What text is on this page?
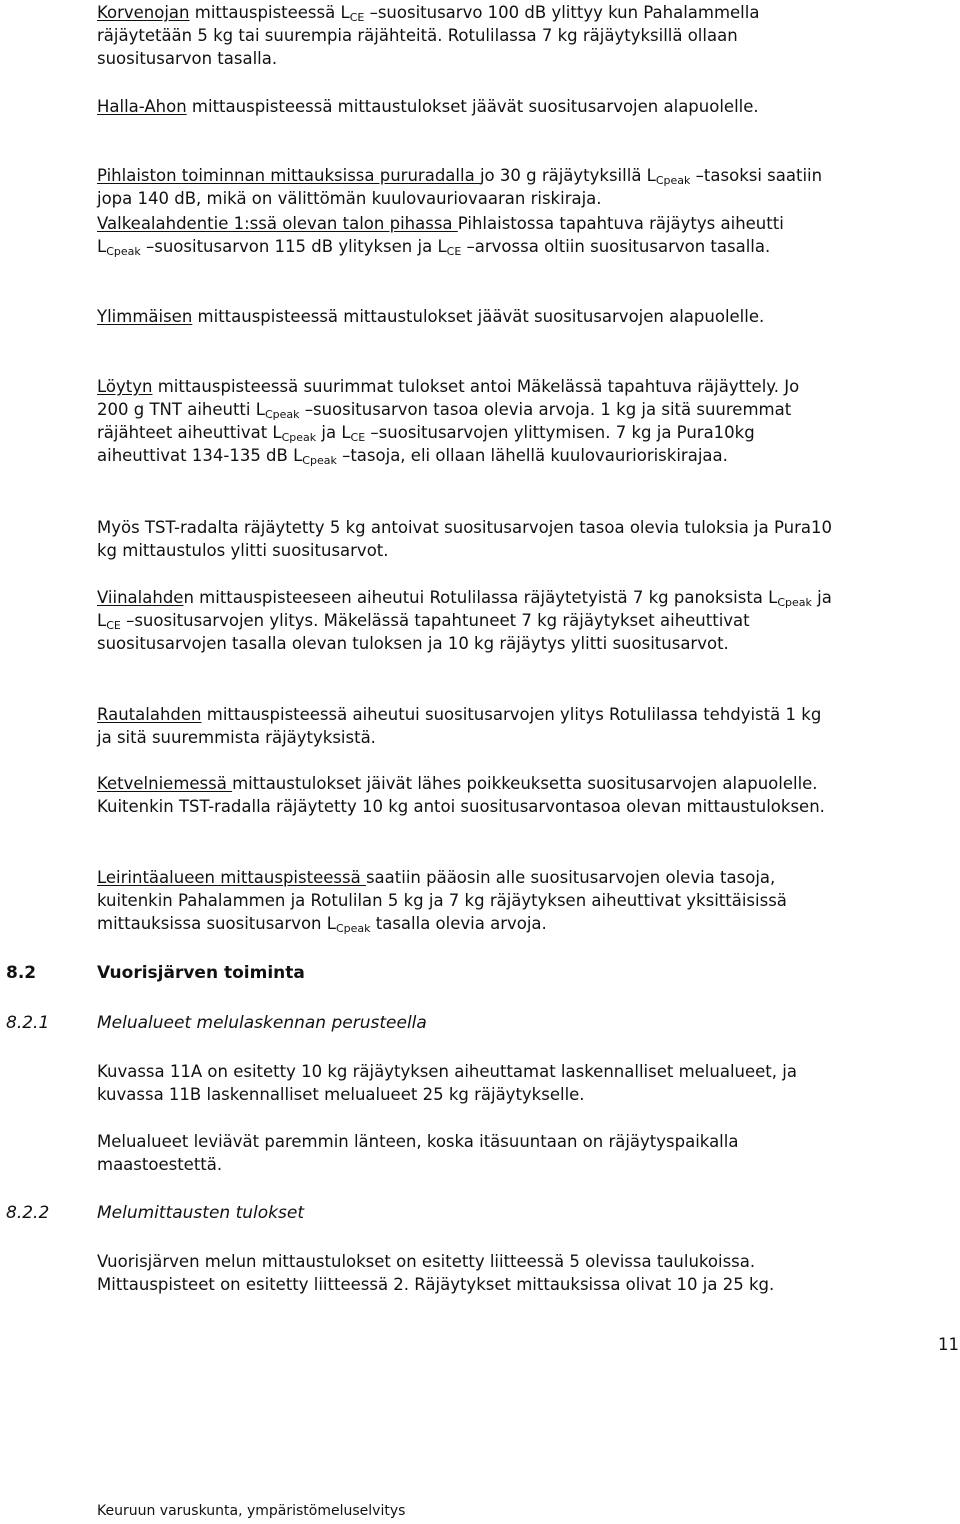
Korvenojan mittauspisteessä $L_{CE}$ –suositusarvo 100 dB ylittyy kun Pahalammella räjäytetään 5 kg tai suurempia räjähteitä. Rotulilassa 7 kg räjäytyksillä ollaan suositusarvon tasalla.

Halla-Ahon mittauspisteessä mittaustulokset jäävät suositusarvojen alapuolelle.

Pihlaiston toiminnan mittauksissa pururadalla jo 30 g räjäytyksillä $L_{Cpeak}$ –tasoksi saatiin jopa 140 dB, mikä on välittömän kuulovauriovaaran riskiraja.

Valkealahdentie 1:ssä olevan talon pihassa Pihlaistossa tapahtuva räjäytys aiheutti $L_{Cpeak}$ –suositusarvon 115 dB ylityksen ja $L_{CE}$ –arvossa oltiin suositusarvon tasalla.

Ylimmäisen mittauspisteessä mittaustulokset jäävät suositusarvojen alapuolelle.

Löytyn mittauspisteessä suurimmat tulokset antoi Mäkelässä tapahtuva räjäyttely. Jo 200 g TNT aiheutti $L_{Cpeak}$ –suositusarvon tasoa olevia arvoja. 1 kg ja sitä suuremmat räjähteet aiheuttivat $L_{Cpeak}$ ja $L_{CE}$ –suositusarvojen ylittymisen. 7 kg ja Pura10kg aiheuttivat 134-135 dB $L_{Cpeak}$ –tasoja, eli ollaan lähellä kuulovaurioriskirajaa.

Myös TST-radalta räjäytetty 5 kg antoivat suositusarvojen tasoa olevia tuloksia ja Pura10 kg mittaustulos ylitti suositusarvot.

Viinalahden mittauspisteeseen aiheutui Rotulilassa räjäytetyistä 7 kg panoksista $L_{Cpeak}$ ja $L_{CE}$ –suositusarvojen ylitys. Mäkelässä tapahtuneet 7 kg räjäytykset aiheuttivat suositusarvojen tasalla olevan tuloksen ja 10 kg räjäytys ylitti suositusarvot.

Rautalahden mittauspisteessä aiheutui suositusarvojen ylitys Rotulilassa tehdyistä 1 kg ja sitä suuremmista räjäytyksistä.

Ketvelniemessä mittaustulokset jäivät lähes poikkeuksetta suositusarvojen alapuolelle. Kuitenkin TST-radalla räjäytetty 10 kg antoi suositusarvontasoa olevan mittaustuloksen.

Leirintäalueen mittauspisteessä saatiin pääosin alle suositusarvojen olevia tasoja, kuitenkin Pahalammen ja Rotulilan 5 kg ja 7 kg räjäytyksen aiheuttivat yksittäisissä mittauksissa suositusarvon $L_{Cpeak}$ tasalla olevia arvoja.

8.2	Vuorisjärven toiminta
8.2.1	Melualueet melulaskennan perusteella

Kuvassa 11A on esitetty 10 kg räjäytyksen aiheuttamat laskennalliset melualueet, ja kuvassa 11B laskennalliset melualueet 25 kg räjäytykselle.

Melualueet leviävät paremmin länteen, koska itäsuuntaan on räjäytyspaikalla maastoestettä.

8.2.2	Melumittausten tulokset

Vuorisjärven melun mittaustulokset on esitetty liitteessä 5 olevissa taulukoissa. Mittauspisteet on esitetty liitteessä 2. Räjäytykset mittauksissa olivat 10 ja 25 kg.

11
Keuruun varuskunta, ympäristömeluselvitys
